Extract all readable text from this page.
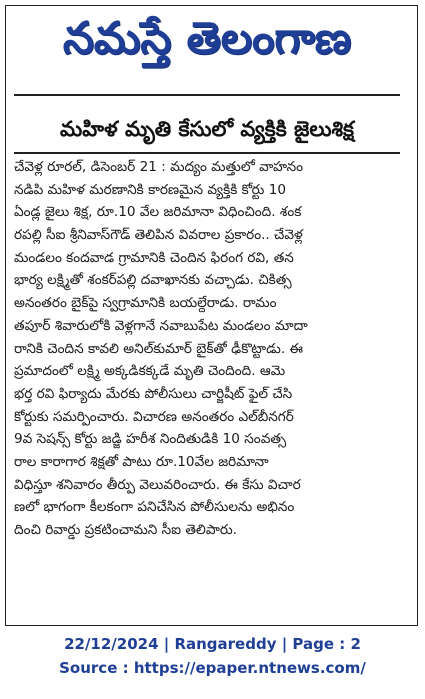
నమస్తే తెలంగాణ
మహిళ మృతి కేసులో వ్యక్తికి జైలుశిక్ష
చేవెళ్ల రూరల్, డిసెంబర్ 21 : మద్యం మత్తులో వాహనం
నడిపి మహిళ మరణానికి కారణమైన వ్యక్తికి కోర్టు 10
ఏండ్ల జైలు శిక్ష, రూ.10 వేల జరిమానా విధించింది. శంక
రపల్లి సీఐ శ్రీనివాస్‌గౌడ్ తెలిపిన వివరాల ప్రకారం.. చేవెళ్ల
మండలం కందవాడ గ్రామానికి చెందిన ఫిరంగ రవి, తన
భార్య లక్ష్మితో శంకర్‌పల్లి దవాఖానకు వచ్చాడు. చికిత్స
అనంతరం బైక్‌పై స్వగ్రామానికి బయల్దేరాడు. రామం
తపూర్ శివారులోకి వెళ్లగానే నవాబుపేట మండలం మాదా
రానికి చెందిన కావలి అనిల్‌కుమార్ బైక్‌తో ఢీకొట్టాడు. ఈ
ప్రమాదంలో లక్ష్మి అక్కడికక్కడే మృతి చెందింది. ఆమె
భర్త రవి ఫిర్యాదు మేరకు పోలీసులు చార్జిషీట్ ఫైల్ చేసి
కోర్టుకు సమర్పించారు. విచారణ అనంతరం ఎల్‌బీనగర్
9వ సెషన్స్ కోర్టు జడ్జి హరీశ నిందితుడికి 10 సంవత్స
రాల కారాగార శిక్షతో పాటు రూ.10వేల జరిమానా
విధిస్తూ శనివారం తీర్పు వెలువరించారు. ఈ కేసు విచార
ణలో భాగంగా కీలకంగా పనిచేసిన పోలీసులను అభినం
దించి రివార్డు ప్రకటించామని సీఐ తెలిపారు.
22/12/2024 | Rangareddy | Page : 2
Source : https://epaper.ntnews.com/
